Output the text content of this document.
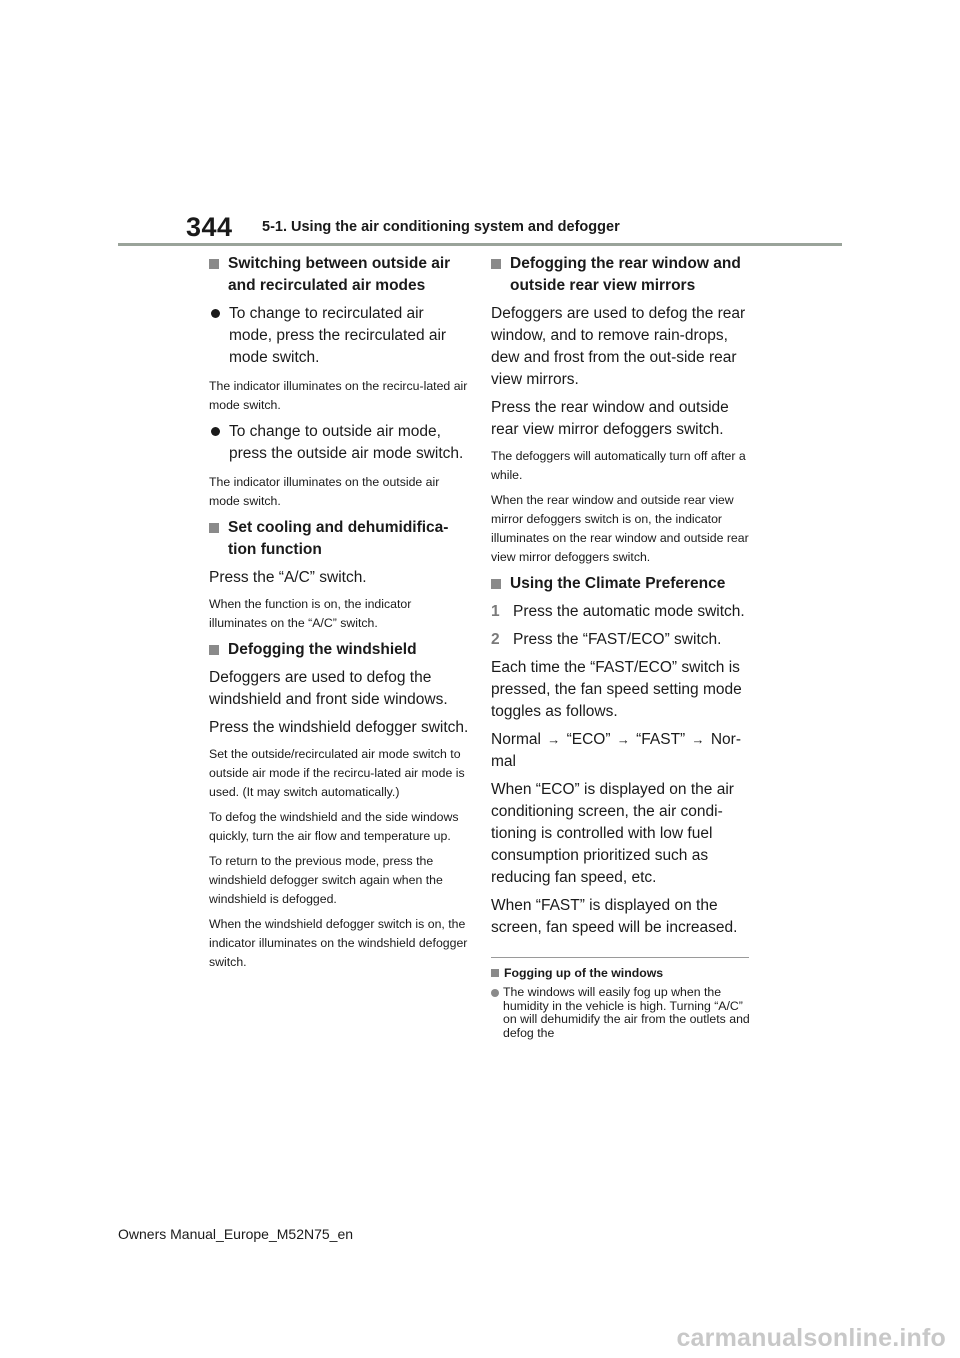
344 5-1. Using the air conditioning system and defogger
Switching between outside air and recirculated air modes
To change to recirculated air mode, press the recirculated air mode switch.
The indicator illuminates on the recircu-lated air mode switch.
To change to outside air mode, press the outside air mode switch.
The indicator illuminates on the outside air mode switch.
Set cooling and dehumidifica-tion function
Press the “A/C” switch.
When the function is on, the indicator illuminates on the “A/C” switch.
Defogging the windshield
Defoggers are used to defog the windshield and front side windows.
Press the windshield defogger switch.
Set the outside/recirculated air mode switch to outside air mode if the recircu-lated air mode is used. (It may switch automatically.)
To defog the windshield and the side windows quickly, turn the air flow and temperature up.
To return to the previous mode, press the windshield defogger switch again when the windshield is defogged.
When the windshield defogger switch is on, the indicator illuminates on the windshield defogger switch.
Defogging the rear window and outside rear view mirrors
Defoggers are used to defog the rear window, and to remove rain-drops, dew and frost from the out-side rear view mirrors.
Press the rear window and outside rear view mirror defoggers switch.
The defoggers will automatically turn off after a while.
When the rear window and outside rear view mirror defoggers switch is on, the indicator illuminates on the rear window and outside rear view mirror defoggers switch.
Using the Climate Preference
1 Press the automatic mode switch.
2 Press the “FAST/ECO” switch.
Each time the “FAST/ECO” switch is pressed, the fan speed setting mode toggles as follows.
Normal → “ECO” → “FAST” → Nor-mal
When “ECO” is displayed on the air conditioning screen, the air condi-tioning is controlled with low fuel consumption prioritized such as reducing fan speed, etc.
When “FAST” is displayed on the screen, fan speed will be increased.
Fogging up of the windows
The windows will easily fog up when the humidity in the vehicle is high. Turning “A/C” on will dehumidify the air from the outlets and defog the
Owners Manual_Europe_M52N75_en
carmanualsonline.info
